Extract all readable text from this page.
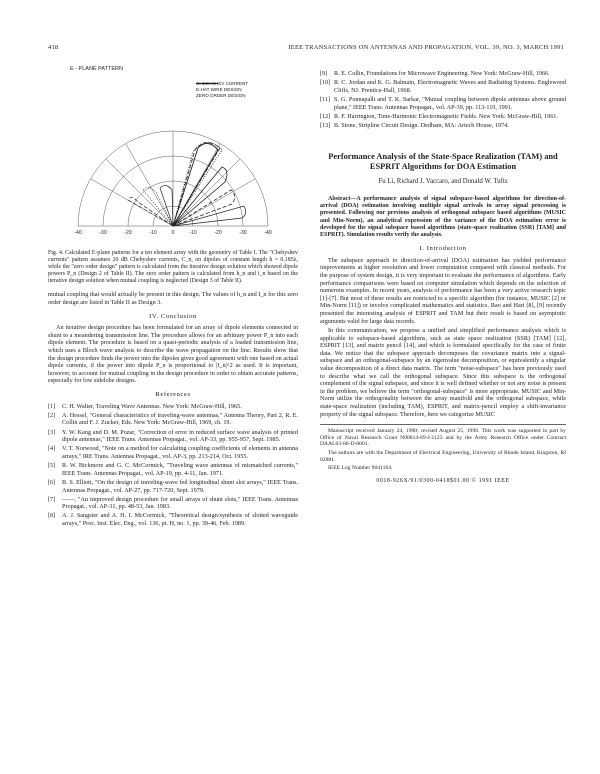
418	IEEE TRANSACTIONS ON ANTENNAS AND PROPAGATION, VOL. 39, NO. 3, MARCH 1991
E - PLANE PATTERN
CHEBYSHEV CURRENT
E-HAT WIRE DESIGN
ZERO ORDER DESIGN
-40	-30	-20	-10	0	-10	-20	-30	-40
Fig. 4. Calculated E-plane patterns for a ten element array with the geometry of Table I. The "Chebyshev currents" pattern assumes 20 dB Chebyshev currents, C_n, on dipoles of constant length h = 0.185λ, while the "zero order design" pattern is calculated from the iterative design solution which showed dipole powers P_n (Design 2 of Table II). The zero order pattern is calculated from h_n and i_n based on the iterative design solution when mutual coupling is neglected (Design 3 of Table II).

mutual coupling that would actually be present in this design. The values of h_n and I_n for this zero order design are listed in Table II as Design 3.

IV. Conclusion

An iterative design procedure has been formulated for an array of dipole elements connected in shunt to a meandering transmission line. The procedure allows for an arbitrary power P_n into each dipole element. The procedure is based on a quasi-periodic analysis of a loaded transmission line, which uses a Bloch wave analysis to describe the wave propagation on the line. Results show that the design procedure finds the power into the dipoles gives good agreement with one based on actual dipole currents, if the power into dipole P_n is proportional to |I_n|^2 as used. It is important, however, to account for mutual coupling in the design procedure in order to obtain accurate patterns, especially for low sidelobe designs.

References
[1]	C. H. Walter, Traveling Wave Antennas. New York: McGraw-Hill, 1965.
[2]	A. Hessel, "General characteristics of traveling-wave antennas," Antenna Theory, Part 2, R. E. Collin and F. J. Zucker, Eds. New York: McGraw-Hill, 1969, ch. 19.
[3]	Y. W. Kang and D. M. Pozar, "Correction of error in reduced surface wave analysis of printed dipole antennas," IEEE Trans. Antennas Propagat., vol. AP-33, pp. 955-957, Sept. 1985.
[4]	V. T. Norwood, "Note on a method for calculating coupling coefficients of elements in antenna arrays," IRE Trans. Antennas Propagat., vol. AP-3, pp. 213-214, Oct. 1955.
[5]	R. W. Bickmore and G. C. McCormick, "Traveling wave antennas of mismatched currents," IEEE Trans. Antennas Propagat., vol. AP-19, pp. 4-11, Jan. 1971.
[6]	B. S. Elliott, "On the design of traveling-wave fed longitudinal shunt slot arrays," IEEE Trans. Antennas Propagat., vol. AP-27, pp. 717-720, Sept. 1979.
[7]	——, "An improved design procedure for small arrays of shunt slots," IEEE Trans. Antennas Propagat., vol. AP-31, pp. 48-53, Jan. 1983.
[8]	A. J. Sangster and A. H. I. McCormick, "Theoretical design/synthesis of slotted waveguide arrays," Proc. Inst. Elec. Eng., vol. 136, pt. H, no. 1, pp. 39-46, Feb. 1989.
[9]	R. E. Collin, Foundations for Microwave Engineering. New York: McGraw-Hill, 1966.
[10] R. C. Jordan and K. G. Balmain, Electromagnetic Waves and Radiating Systems. Englewood Cliffs, NJ: Prentice-Hall, 1968.
[11] S. G. Ponnapalli and T. K. Sarkar, "Mutual coupling between dipole antennas above ground plane," IEEE Trans. Antennas Propagat., vol. AP-39, pp. 113-119, 1991.
[12] R. F. Harrington, Time-Harmonic Electromagnetic Fields. New York: McGraw-Hill, 1961.
[13] B. Stone, Stripline Circuit Design. Dedham, MA: Artech House, 1974.
Performance Analysis of the State-Space Realization (TAM) and ESPRIT Algorithms for DOA Estimation
Fu Li, Richard J. Vaccaro, and Donald W. Tufts

Abstract—A performance analysis of signal subspace-based algorithms for direction-of-arrival (DOA) estimation involving multiple signal arrivals in array signal processing is presented. Following our previous analysis of orthogonal subspace based algorithms (MUSIC and Min-Norm), an analytical expression of the variance of the DOA estimation error is developed for the signal subspace based algorithms (state-space realization (SSR) [TAM] and ESPRIT). Simulation results verify the analysis.

I. Introduction

The subspace approach to direction-of-arrival (DOA) estimation has yielded performance improvements at higher resolution and lower computation compared with classical methods. For the purpose of system design, it is very important to evaluate the performance of algorithms. Early performance comparisons were based on computer simulation which depends on the selection of numerous examples. In recent years, analysis of performance has been a very active research topic [1]-[7]. But most of these results are restricted to a specific algorithm (for instance, MUSIC [2] or Min-Norm [11]) or involve complicated mathematics and statistics. Rao and Hari [8], [9] recently presented the interesting analysis of ESPRIT and TAM but their result is based on asymptotic arguments valid for large data records.

In this communication, we propose a unified and simplified performance analysis which is applicable to subspace-based algorithms, such as state space realization (SSR) [TAM] [12], ESPRIT [13], and matrix pencil [14], and which is formulated specifically for the case of finite data. We notice that the subspace approach decomposes the covariance matrix into a signal-subspace and an orthogonal-subspace by an eigenvalue decomposition, or equivalently a singular value decomposition of a direct data matrix. The term "noise-subspace" has been previously used to describe what we call the orthogonal subspace. Since this subspace is the orthogonal complement of the signal subspace, and since it is well defined whether or not any noise is present in the problem, we believe the term "orthogonal-subspace" is more appropriate. MUSIC and Min-Norm utilize the orthogonality between the array manifold and the orthogonal subspace, while state-space realization (including TAM), ESPRIT, and matrix-pencil employ a shift-invariance property of the signal subspace. Therefore, here we categorize MUSIC

Manuscript received January 24, 1990; revised August 25, 1990. This work was supported in part by Office of Naval Research Grant N00014-89-J-1123 and by the Army Research Office under Contract DAAL03-86-D-0001.

The authors are with the Department of Electrical Engineering, University of Rhode Island, Kingston, RI 02881.

IEEE Log Number 9041164.

0018-926X/91/0300-0418$01.00 © 1991 IEEE
